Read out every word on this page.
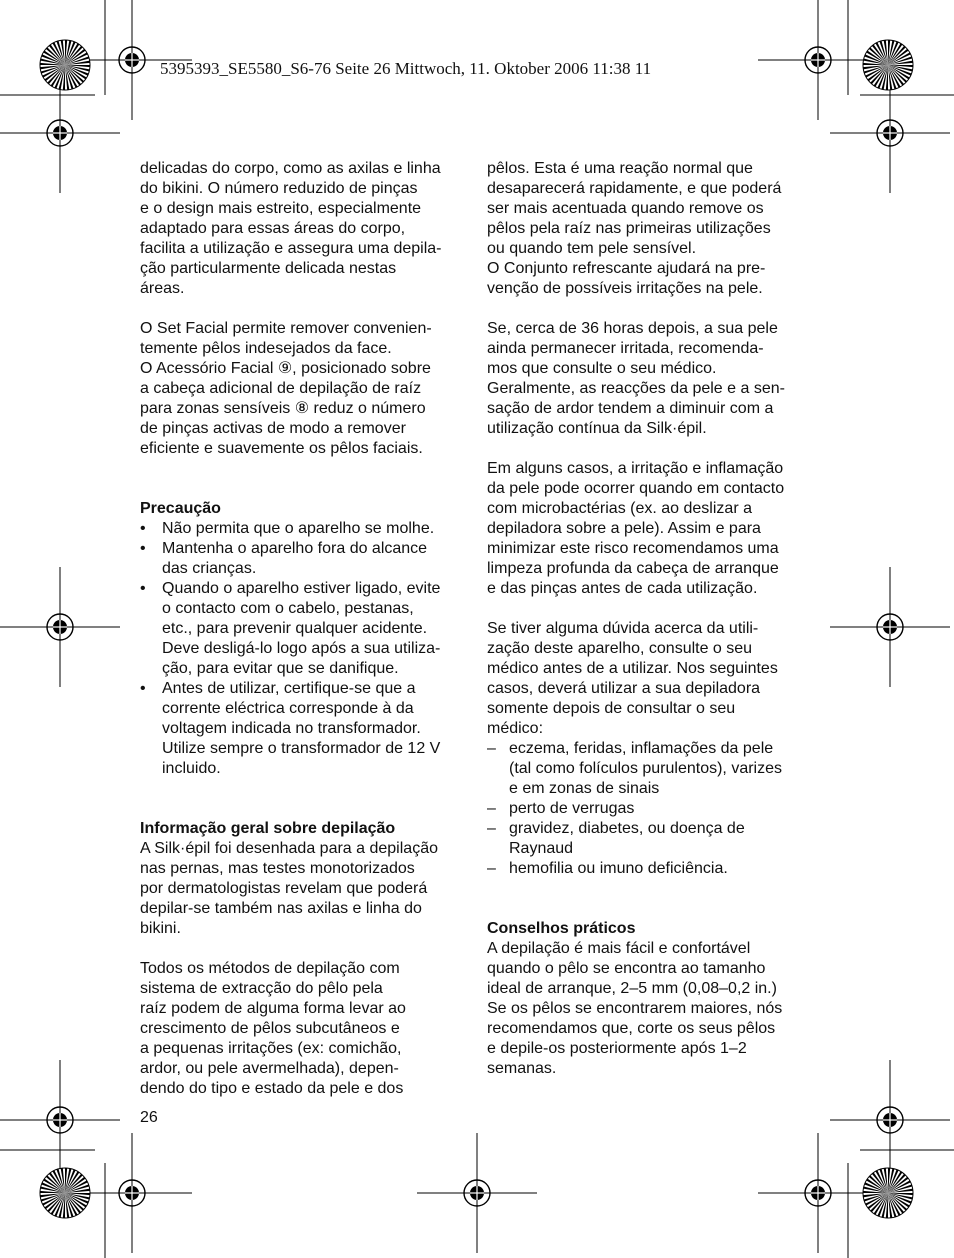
5395393_SE5580_S6-76 Seite 26 Mittwoch, 11. Oktober 2006 11:38 11
delicadas do corpo, como as axilas e linha
do bikini. O número reduzido de pinças
e o design mais estreito, especialmente
adaptado para essas áreas do corpo,
facilita a utilização e assegura uma depila-
ção particularmente delicada nestas
áreas.
O Set Facial permite remover convenien-
temente pêlos indesejados da face.
O Acessório Facial ⑨, posicionado sobre
a cabeça adicional de depilação de raíz
para zonas sensíveis ⑧ reduz o número
de pinças activas de modo a remover
eficiente e suavemente os pêlos faciais.
Precaução
• Não permita que o aparelho se molhe.
• Mantenha o aparelho fora do alcance
das crianças.
• Quando o aparelho estiver ligado, evite
o contacto com o cabelo, pestanas,
etc., para prevenir qualquer acidente.
Deve desligá-lo logo após a sua utiliza-
ção, para evitar que se danifique.
• Antes de utilizar, certifique-se que a
corrente eléctrica corresponde à da
voltagem indicada no transformador.
Utilize sempre o transformador de 12 V
incluido.
Informação geral sobre depilação
A Silk·épil foi desenhada para a depilação
nas pernas, mas testes monotorizados
por dermatologistas revelam que poderá
depilar-se também nas axilas e linha do
bikini.
Todos os métodos de depilação com
sistema de extracção do pêlo pela
raíz podem de alguma forma levar ao
crescimento de pêlos subcutâneos e
a pequenas irritações (ex: comichão,
ardor, ou pele avermelhada), depen-
dendo do tipo e estado da pele e dos
pêlos. Esta é uma reação normal que
desaparecerá rapidamente, e que poderá
ser mais acentuada quando remove os
pêlos pela raíz nas primeiras utilizações
ou quando tem pele sensível.
O Conjunto refrescante ajudará na pre-
venção de possíveis irritações na pele.
Se, cerca de 36 horas depois, a sua pele
ainda permanecer irritada, recomenda-
mos que consulte o seu médico.
Geralmente, as reacções da pele e a sen-
sação de ardor tendem a diminuir com a
utilização contínua da Silk·épil.
Em alguns casos, a irritação e inflamação
da pele pode ocorrer quando em contacto
com microbactérias (ex. ao deslizar a
depiladora sobre a pele). Assim e para
minimizar este risco recomendamos uma
limpeza profunda da cabeça de arranque
e das pinças antes de cada utilização.
Se tiver alguma dúvida acerca da utili-
zação deste aparelho, consulte o seu
médico antes de a utilizar. Nos seguintes
casos, deverá utilizar a sua depiladora
somente depois de consultar o seu
médico:
– eczema, feridas, inflamações da pele
(tal como folículos purulentos), varizes
e em zonas de sinais
– perto de verrugas
– gravidez, diabetes, ou doença de
Raynaud
– hemofilia ou imuno deficiência.
Conselhos práticos
A depilação é mais fácil e confortável
quando o pêlo se encontra ao tamanho
ideal de arranque, 2–5 mm (0,08–0,2 in.)
Se os pêlos se encontrarem maiores, nós
recomendamos que, corte os seus pêlos
e depile-os posteriormente após 1–2
semanas.
26
